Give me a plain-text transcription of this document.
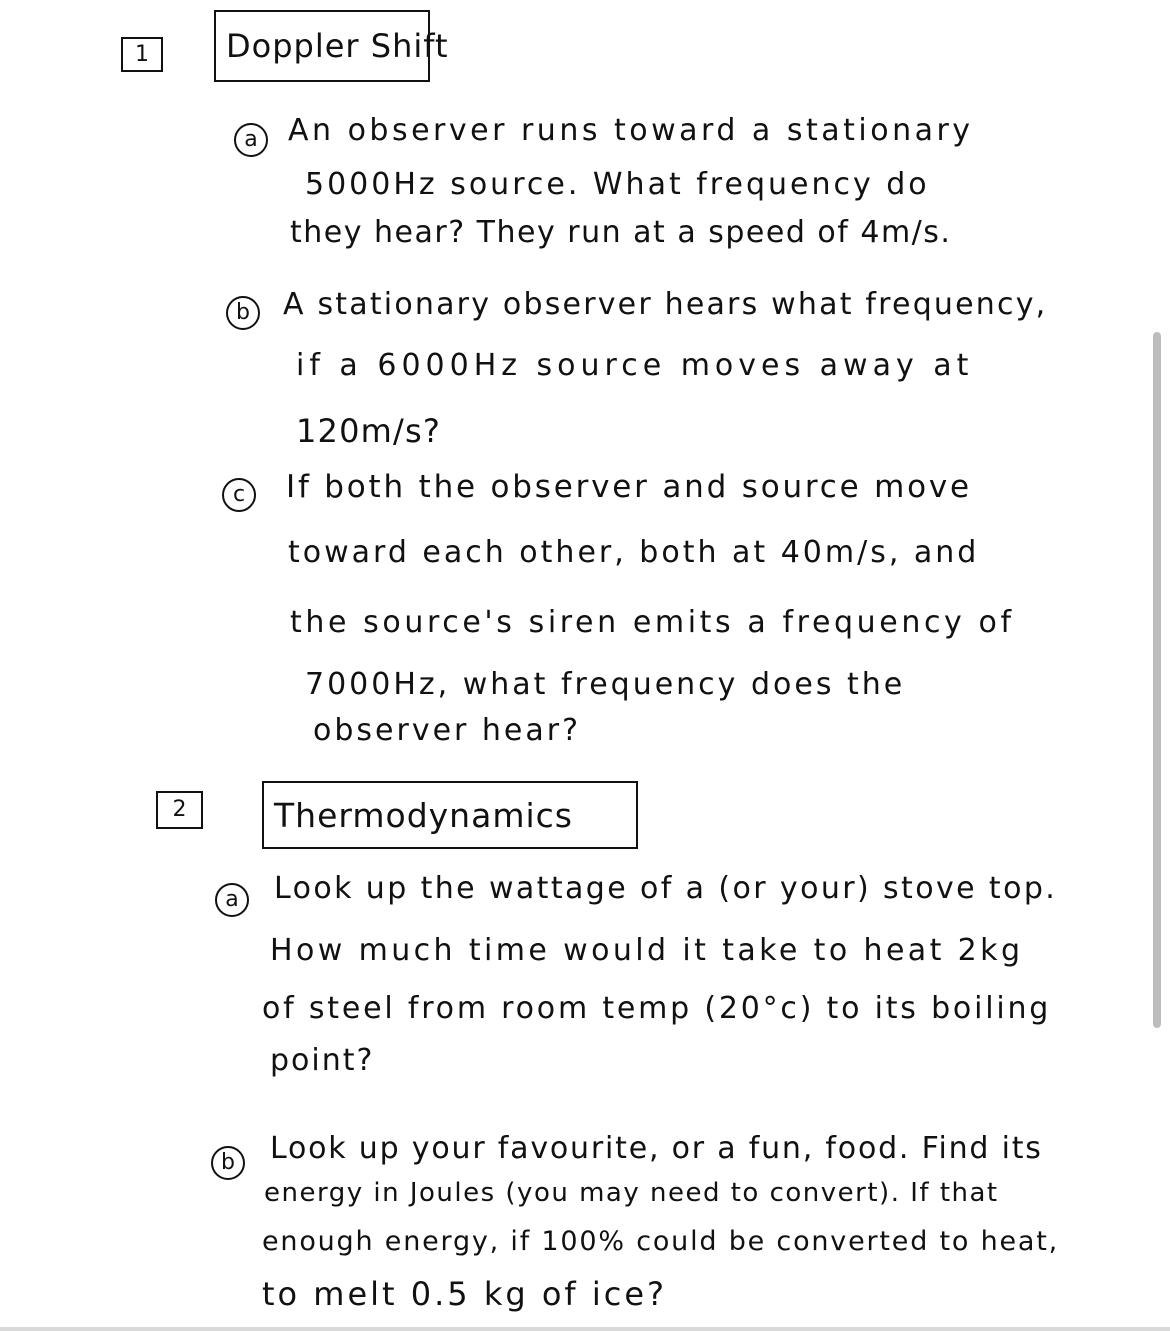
1	Doppler Shift
a	An observer runs toward a stationary
5000Hz source. What frequency do
they hear? They run at a speed of 4m/s.
b	A stationary observer hears what frequency,
if a 6000Hz source moves away at
120m/s?
c	If both the observer and source move
toward each other, both at 40m/s, and
the source's siren emits a frequency of
7000Hz, what frequency does the
observer hear?
2	Thermodynamics
a	Look up the wattage of a (or your) stove top.
How much time would it take to heat 2kg
of steel from room temp (20°c) to its boiling
point?
b	Look up your favourite, or a fun, food. Find its
energy in Joules (you may need to convert). If that
enough energy, if 100% could be converted to heat,
to melt 0.5 kg of ice?
